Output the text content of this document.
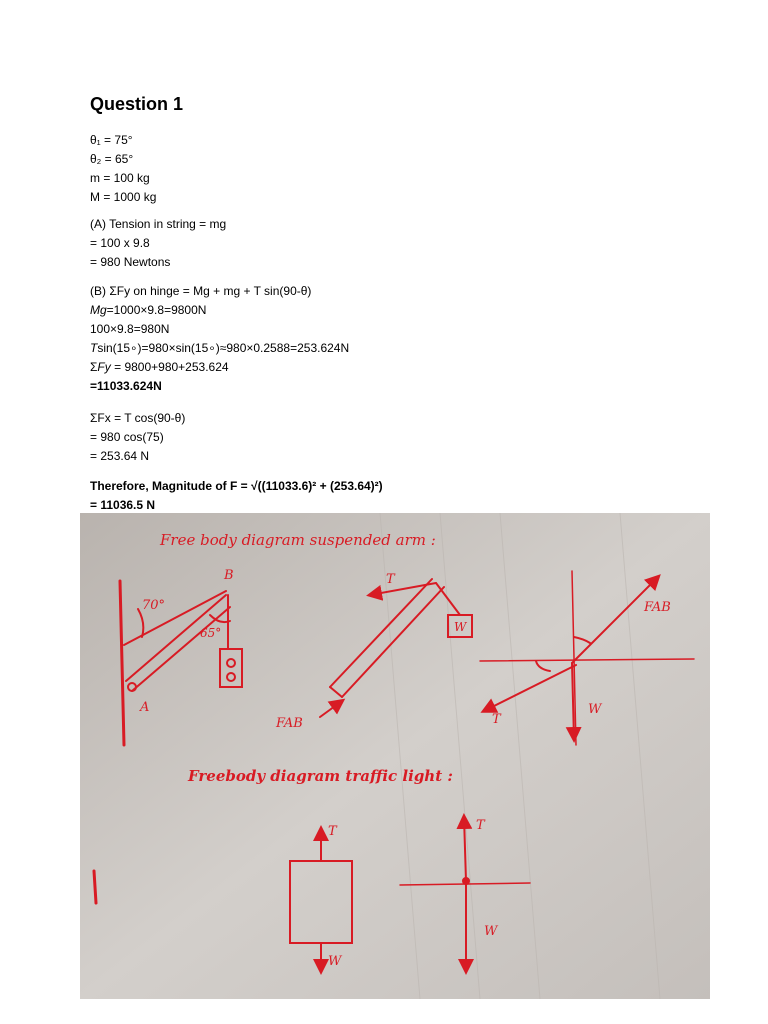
Question 1
θ₁ = 75°
θ₂ = 65°
m = 100 kg
M = 1000 kg
(A) Tension in string = mg
= 100 x 9.8
= 980 Newtons
(B) ΣFy on hinge = Mg + mg + T sin(90-θ)
Mg=1000×9.8=9800N
100×9.8=980N
Tsin(15∘)=980×sin(15∘)≈980×0.2588=253.624N
ΣFy = 9800+980+253.624
=11033.624N
ΣFx = T cos(90-θ)
= 980 cos(75)
= 253.64 N
Therefore, Magnitude of F = √((11033.6)² + (253.64)²)
= 11036.5 N
Free body diagram suspended arm :
Freebody diagram traffic light :
70°
65°
B
A
W
T
FAB
FAB
T
W
T
W
T
W
